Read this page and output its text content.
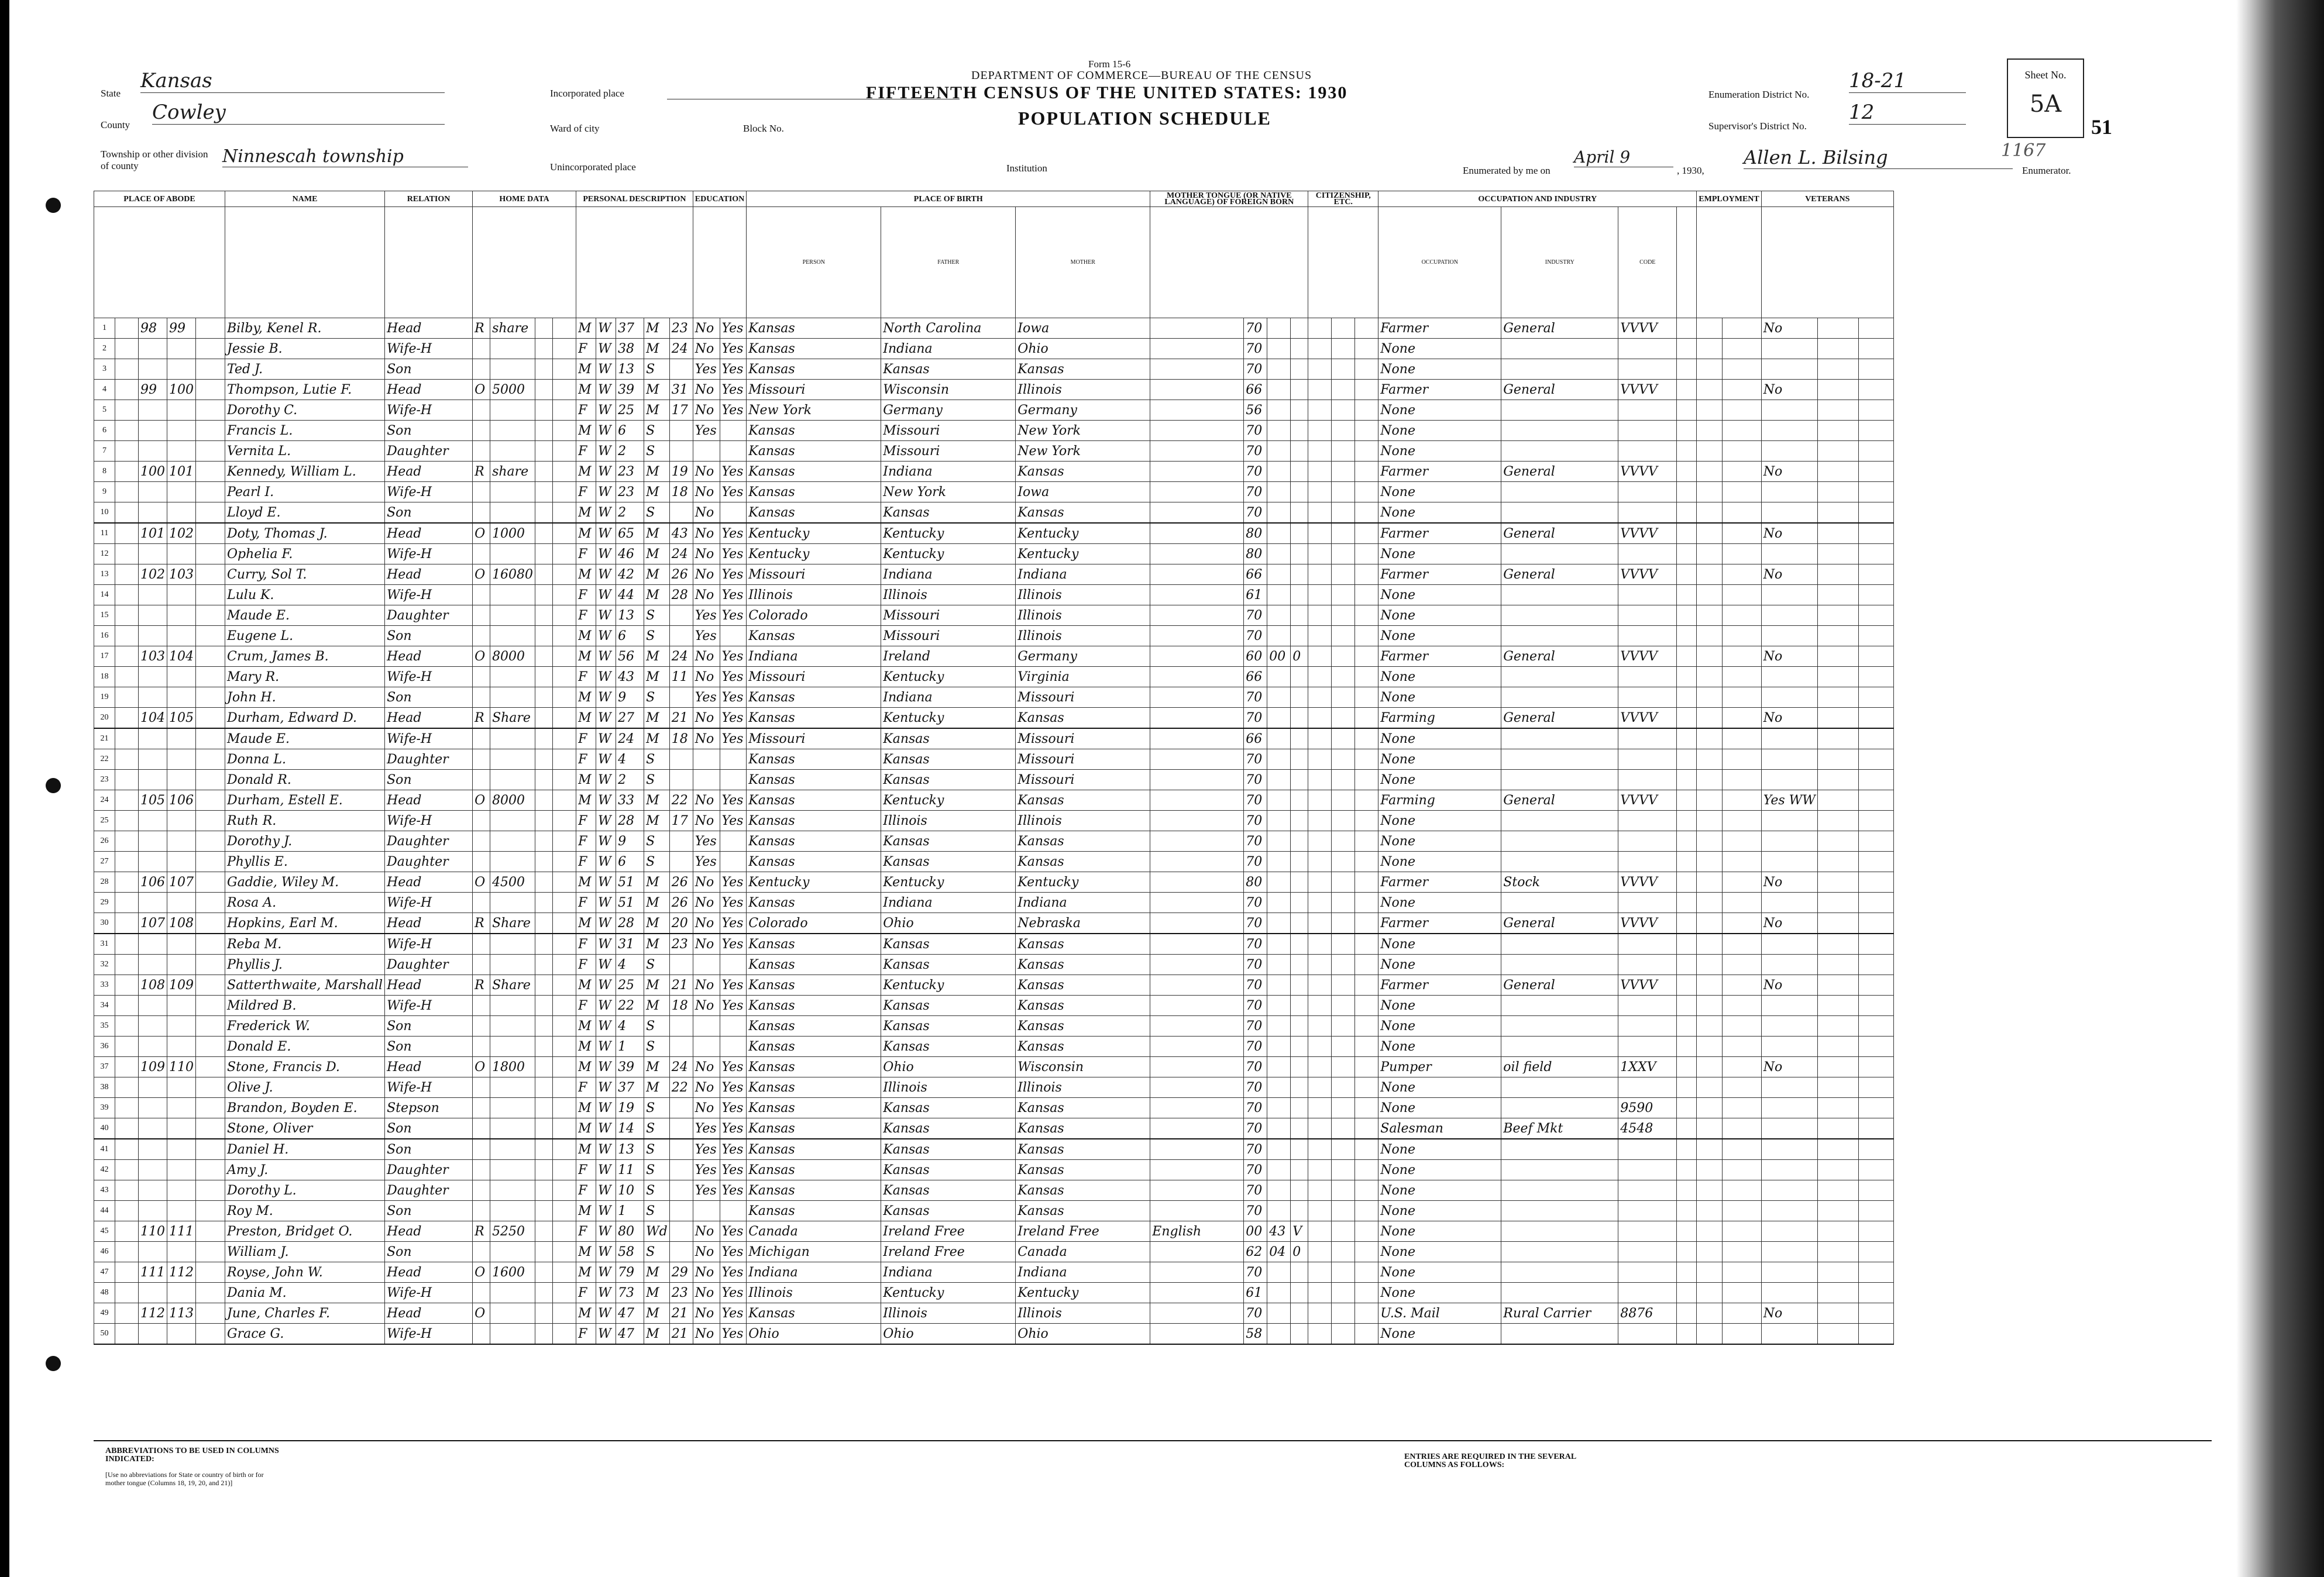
Form 15-6
DEPARTMENT OF COMMERCE—BUREAU OF THE CENSUS
FIFTEENTH CENSUS OF THE UNITED STATES: 1930
POPULATION SCHEDULE
State
Kansas
County
Cowley
Township or other division of county	Ninnescah township
Incorporated place
Ward of city	Block No.
Unincorporated place	Institution
Enumeration District No.
18-21
Supervisor's District No.
12
Enumerated by me on
April 9
, 1930,
Allen L. Bilsing
Enumerator.
1167
Sheet No.
5A
51
PLACE OF ABODE					NAME	RELATION	HOME DATA				PERSONAL DESCRIPTION					EDUCATION		PLACE OF BIRTH			MOTHER TONGUE (OR NATIVE LANGUAGE) OF FOREIGN BORN				CITIZENSHIP, ETC.			OCCUPATION AND INDUSTRY				EMPLOYMENT		VETERANS		
																		PERSON	FATHER	MOTHER								OCCUPATION	INDUSTRY	CODE						
1		98	99		Bilby, Kenel R.	Head	R	share			M	W	37	M	23	No	Yes	Kansas	North Carolina	Iowa		70						Farmer	General	VVVV				No		
2					Jessie B.	Wife-H					F	W	38	M	24	No	Yes	Kansas	Indiana	Ohio		70						None								
3					Ted J.	Son					M	W	13	S		Yes	Yes	Kansas	Kansas	Kansas		70						None								
4		99	100		Thompson, Lutie F.	Head	O	5000			M	W	39	M	31	No	Yes	Missouri	Wisconsin	Illinois		66						Farmer	General	VVVV				No		
5					Dorothy C.	Wife-H					F	W	25	M	17	No	Yes	New York	Germany	Germany		56						None								
6					Francis L.	Son					M	W	6	S		Yes		Kansas	Missouri	New York		70						None								
7					Vernita L.	Daughter					F	W	2	S				Kansas	Missouri	New York		70						None								
8		100	101		Kennedy, William L.	Head	R	share			M	W	23	M	19	No	Yes	Kansas	Indiana	Kansas		70						Farmer	General	VVVV				No		
9					Pearl I.	Wife-H					F	W	23	M	18	No	Yes	Kansas	New York	Iowa		70						None								
10					Lloyd E.	Son					M	W	2	S		No		Kansas	Kansas	Kansas		70						None								
11		101	102		Doty, Thomas J.	Head	O	1000			M	W	65	M	43	No	Yes	Kentucky	Kentucky	Kentucky		80						Farmer	General	VVVV				No		
12					Ophelia F.	Wife-H					F	W	46	M	24	No	Yes	Kentucky	Kentucky	Kentucky		80						None								
13		102	103		Curry, Sol T.	Head	O	16080			M	W	42	M	26	No	Yes	Missouri	Indiana	Indiana		66						Farmer	General	VVVV				No		
14					Lulu K.	Wife-H					F	W	44	M	28	No	Yes	Illinois	Illinois	Illinois		61						None								
15					Maude E.	Daughter					F	W	13	S		Yes	Yes	Colorado	Missouri	Illinois		70						None								
16					Eugene L.	Son					M	W	6	S		Yes		Kansas	Missouri	Illinois		70						None								
17		103	104		Crum, James B.	Head	O	8000			M	W	56	M	24	No	Yes	Indiana	Ireland	Germany		60	00	0				Farmer	General	VVVV				No		
18					Mary R.	Wife-H					F	W	43	M	11	No	Yes	Missouri	Kentucky	Virginia		66						None								
19					John H.	Son					M	W	9	S		Yes	Yes	Kansas	Indiana	Missouri		70						None								
20		104	105		Durham, Edward D.	Head	R	Share			M	W	27	M	21	No	Yes	Kansas	Kentucky	Kansas		70						Farming	General	VVVV				No		
21					Maude E.	Wife-H					F	W	24	M	18	No	Yes	Missouri	Kansas	Missouri		66						None								
22					Donna L.	Daughter					F	W	4	S				Kansas	Kansas	Missouri		70						None								
23					Donald R.	Son					M	W	2	S				Kansas	Kansas	Missouri		70						None								
24		105	106		Durham, Estell E.	Head	O	8000			M	W	33	M	22	No	Yes	Kansas	Kentucky	Kansas		70						Farming	General	VVVV				Yes WW		
25					Ruth R.	Wife-H					F	W	28	M	17	No	Yes	Kansas	Illinois	Illinois		70						None								
26					Dorothy J.	Daughter					F	W	9	S		Yes		Kansas	Kansas	Kansas		70						None								
27					Phyllis E.	Daughter					F	W	6	S		Yes		Kansas	Kansas	Kansas		70						None								
28		106	107		Gaddie, Wiley M.	Head	O	4500			M	W	51	M	26	No	Yes	Kentucky	Kentucky	Kentucky		80						Farmer	Stock	VVVV				No		
29					Rosa A.	Wife-H					F	W	51	M	26	No	Yes	Kansas	Indiana	Indiana		70						None								
30		107	108		Hopkins, Earl M.	Head	R	Share			M	W	28	M	20	No	Yes	Colorado	Ohio	Nebraska		70						Farmer	General	VVVV				No		
31					Reba M.	Wife-H					F	W	31	M	23	No	Yes	Kansas	Kansas	Kansas		70						None								
32					Phyllis J.	Daughter					F	W	4	S				Kansas	Kansas	Kansas		70						None								
33		108	109		Satterthwaite, Marshall	Head	R	Share			M	W	25	M	21	No	Yes	Kansas	Kentucky	Kansas		70						Farmer	General	VVVV				No		
34					Mildred B.	Wife-H					F	W	22	M	18	No	Yes	Kansas	Kansas	Kansas		70						None								
35					Frederick W.	Son					M	W	4	S				Kansas	Kansas	Kansas		70						None								
36					Donald E.	Son					M	W	1	S				Kansas	Kansas	Kansas		70						None								
37		109	110		Stone, Francis D.	Head	O	1800			M	W	39	M	24	No	Yes	Kansas	Ohio	Wisconsin		70						Pumper	oil field	1XXV				No		
38					Olive J.	Wife-H					F	W	37	M	22	No	Yes	Kansas	Illinois	Illinois		70						None								
39					Brandon, Boyden E.	Stepson					M	W	19	S		No	Yes	Kansas	Kansas	Kansas		70						None		9590						
40					Stone, Oliver	Son					M	W	14	S		Yes	Yes	Kansas	Kansas	Kansas		70						Salesman	Beef Mkt	4548						
41					Daniel H.	Son					M	W	13	S		Yes	Yes	Kansas	Kansas	Kansas		70						None								
42					Amy J.	Daughter					F	W	11	S		Yes	Yes	Kansas	Kansas	Kansas		70						None								
43					Dorothy L.	Daughter					F	W	10	S		Yes	Yes	Kansas	Kansas	Kansas		70						None								
44					Roy M.	Son					M	W	1	S				Kansas	Kansas	Kansas		70						None								
45		110	111		Preston, Bridget O.	Head	R	5250			F	W	80	Wd		No	Yes	Canada	Ireland Free	Ireland Free	English	00	43	V				None								
46					William J.	Son					M	W	58	S		No	Yes	Michigan	Ireland Free	Canada		62	04	0				None								
47		111	112		Royse, John W.	Head	O	1600			M	W	79	M	29	No	Yes	Indiana	Indiana	Indiana		70						None								
48					Dania M.	Wife-H					F	W	73	M	23	No	Yes	Illinois	Kentucky	Kentucky		61						None								
49		112	113		June, Charles F.	Head	O				M	W	47	M	21	No	Yes	Kansas	Illinois	Illinois		70						U.S. Mail	Rural Carrier	8876				No		
50					Grace G.	Wife-H					F	W	47	M	21	No	Yes	Ohio	Ohio	Ohio		58						None								
ABBREVIATIONS TO BE USED IN COLUMNS INDICATED:
[Use no abbreviations for State or country of birth or for mother tongue (Columns 18, 19, 20, and 21)]
ENTRIES ARE REQUIRED IN THE SEVERAL COLUMNS AS FOLLOWS:
